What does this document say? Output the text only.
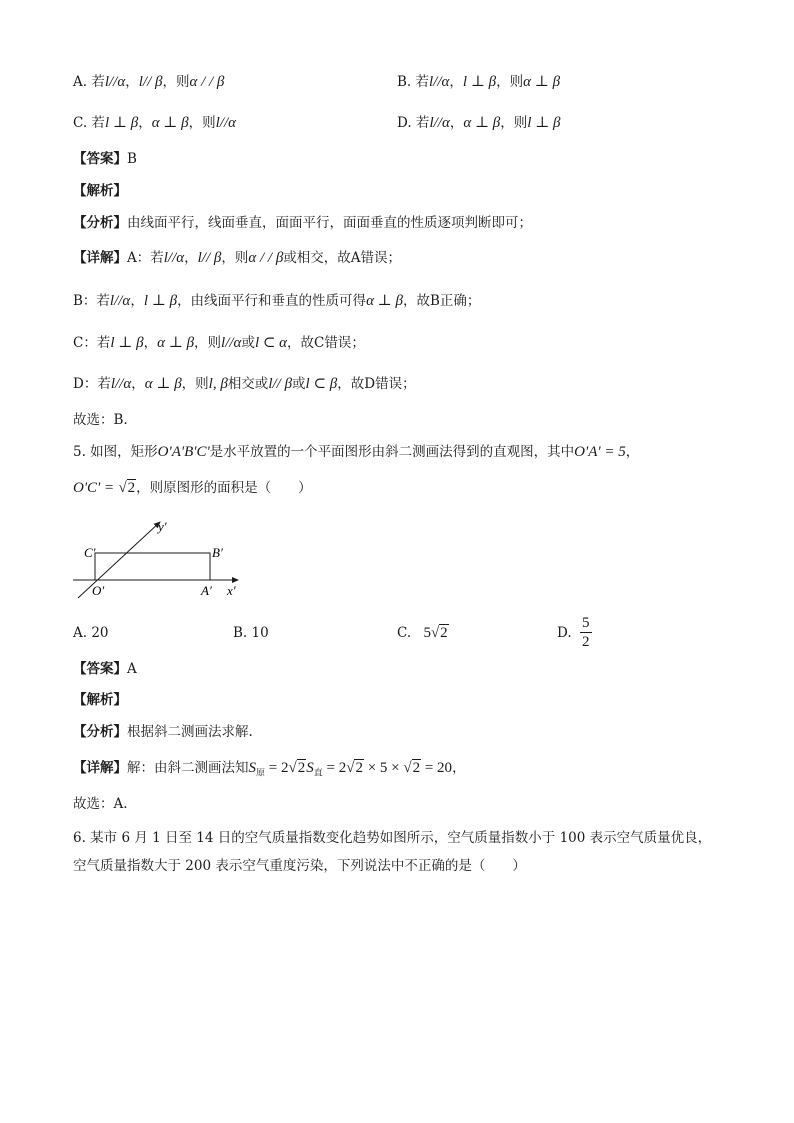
A. 若l//α，l// β，则α / / β	B. 若l//α，l ⊥ β，则α ⊥ β
C. 若l ⊥ β，α ⊥ β，则l//α	D. 若l//α，α ⊥ β，则l ⊥ β
【答案】B
【解析】
【分析】由线面平行，线面垂直，面面平行，面面垂直的性质逐项判断即可；
【详解】A：若l//α，l// β，则α / / β或相交，故A错误；
B：若l//α，l ⊥ β，由线面平行和垂直的性质可得α ⊥ β，故B正确；
C：若l ⊥ β，α ⊥ β，则l//α或l ⊂ α，故C错误；
D：若l//α，α ⊥ β，则l, β相交或l// β或l ⊂ β，故D错误；
故选：B.
5. 如图，矩形O'A'B'C'是水平放置的一个平面图形由斜二测画法得到的直观图，其中O'A' = 5，
O'C' = √2，则原图形的面积是（　　）
y′
x′
C′	B′
O′	A′
A. 20	B. 10	C. 5√2	D. $\frac{5}{2}$
【答案】A
【解析】
【分析】根据斜二测画法求解.
【详解】解：由斜二测画法知$S_原 = 2√2S_直 = 2√2 \times 5 \times √2 = 20$，
故选：A.
6. 某市 6 月 1 日至 14 日的空气质量指数变化趋势如图所示，空气质量指数小于 100 表示空气质量优良，
空气质量指数大于 200 表示空气重度污染，下列说法中不正确的是（　　）
